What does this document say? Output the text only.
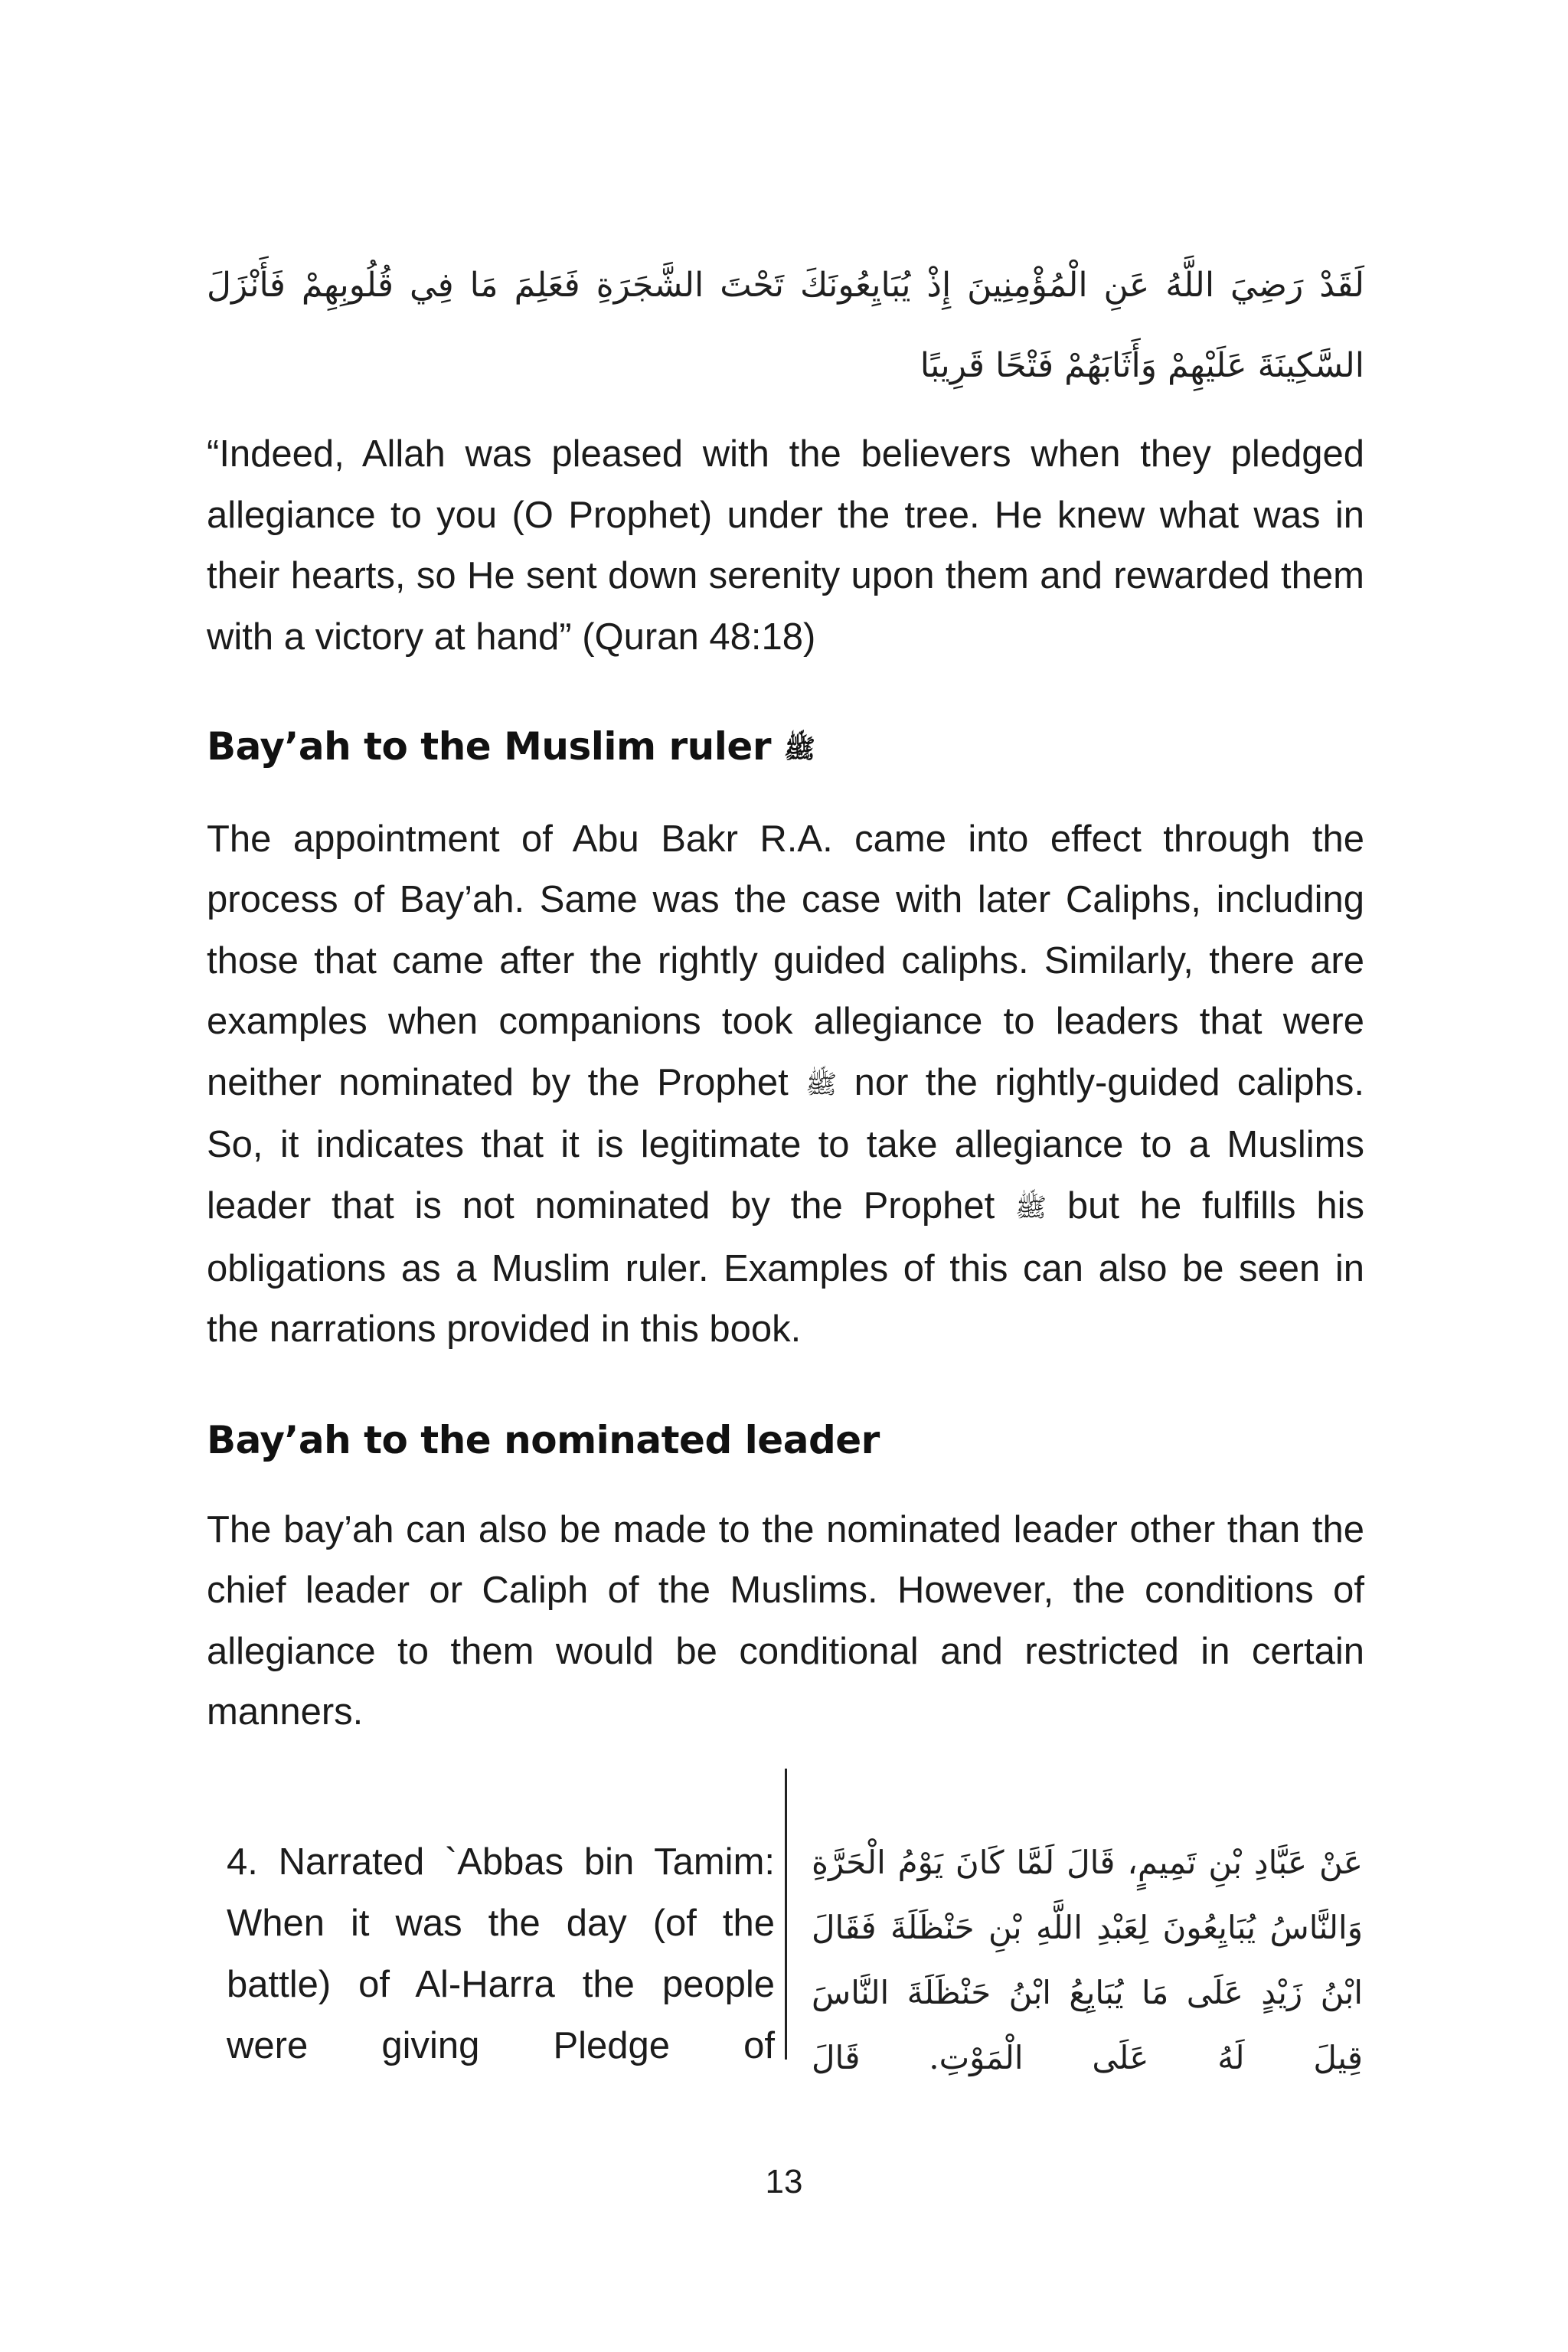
لَقَدْ رَضِيَ اللَّهُ عَنِ الْمُؤْمِنِينَ إِذْ يُبَايِعُونَكَ تَحْتَ الشَّجَرَةِ فَعَلِمَ مَا فِي قُلُوبِهِمْ فَأَنْزَلَ السَّكِينَةَ عَلَيْهِمْ وَأَثَابَهُمْ فَتْحًا قَرِيبًا

“Indeed, Allah was pleased with the believers when they pledged allegiance to you (O Prophet) under the tree. He knew what was in their hearts, so He sent down serenity upon them and rewarded them with a victory at hand” (Quran 48:18)

Bay’ah to the Muslim ruler ﷺ

The appointment of Abu Bakr R.A. came into effect through the process of Bay’ah. Same was the case with later Caliphs, including those that came after the rightly guided caliphs. Similarly, there are examples when companions took allegiance to leaders that were neither nominated by the Prophet ﷺ nor the rightly-guided caliphs. So, it indicates that it is legitimate to take allegiance to a Muslims leader that is not nominated by the Prophet ﷺ but he fulfills his obligations as a Muslim ruler. Examples of this can also be seen in the narrations provided in this book.

Bay’ah to the nominated leader

The bay’ah can also be made to the nominated leader other than the chief leader or Caliph of the Muslims. However, the conditions of allegiance to them would be conditional and restricted in certain manners.

4. Narrated `Abbas bin Tamim: When it was the day (of the battle) of Al-Harra the people were giving Pledge of
عَنْ عَبَّادِ بْنِ تَمِيمٍ، قَالَ لَمَّا كَانَ يَوْمُ الْحَرَّةِ وَالنَّاسُ يُبَايِعُونَ لِعَبْدِ اللَّهِ بْنِ حَنْظَلَةَ فَقَالَ ابْنُ زَيْدٍ عَلَى مَا يُبَايِعُ ابْنُ حَنْظَلَةَ النَّاسَ قِيلَ لَهُ عَلَى الْمَوْتِ. قَالَ
13
